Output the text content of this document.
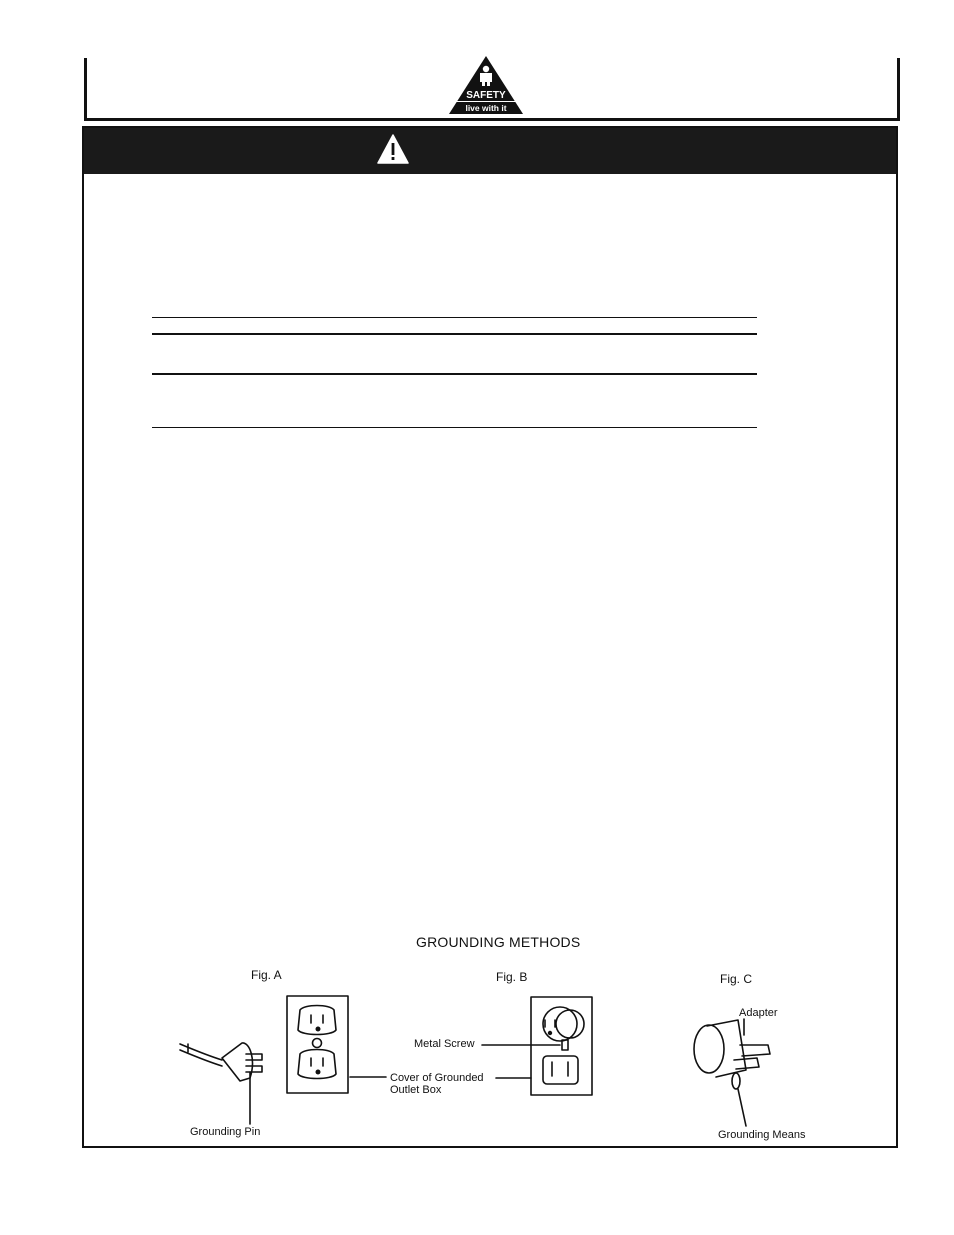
SAFETY
live with it
GROUNDING METHODS
Fig. A	Fig. B	Fig. C
Grounding Pin
Metal Screw
Cover of Grounded
Outlet Box
Adapter
Grounding Means
